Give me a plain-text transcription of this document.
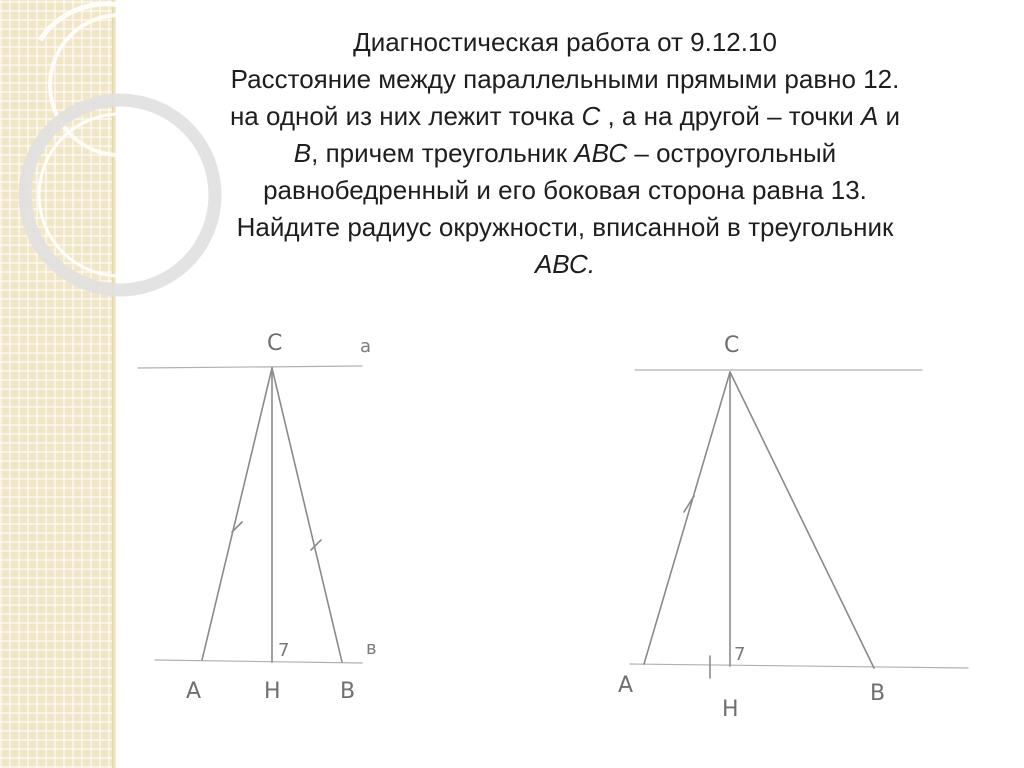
Диагностическая работа от 9.12.10

Расстояние между параллельными прямыми равно 12.

на одной из них лежит точка С , а на другой – точки А и

В, причем треугольник АВС – остроугольный

равнобедренный и его боковая сторона равна 13.

Найдите радиус окружности, вписанной в треугольник

АВС.

C	a
в
7
A	H	B
C
7
A
H
B
